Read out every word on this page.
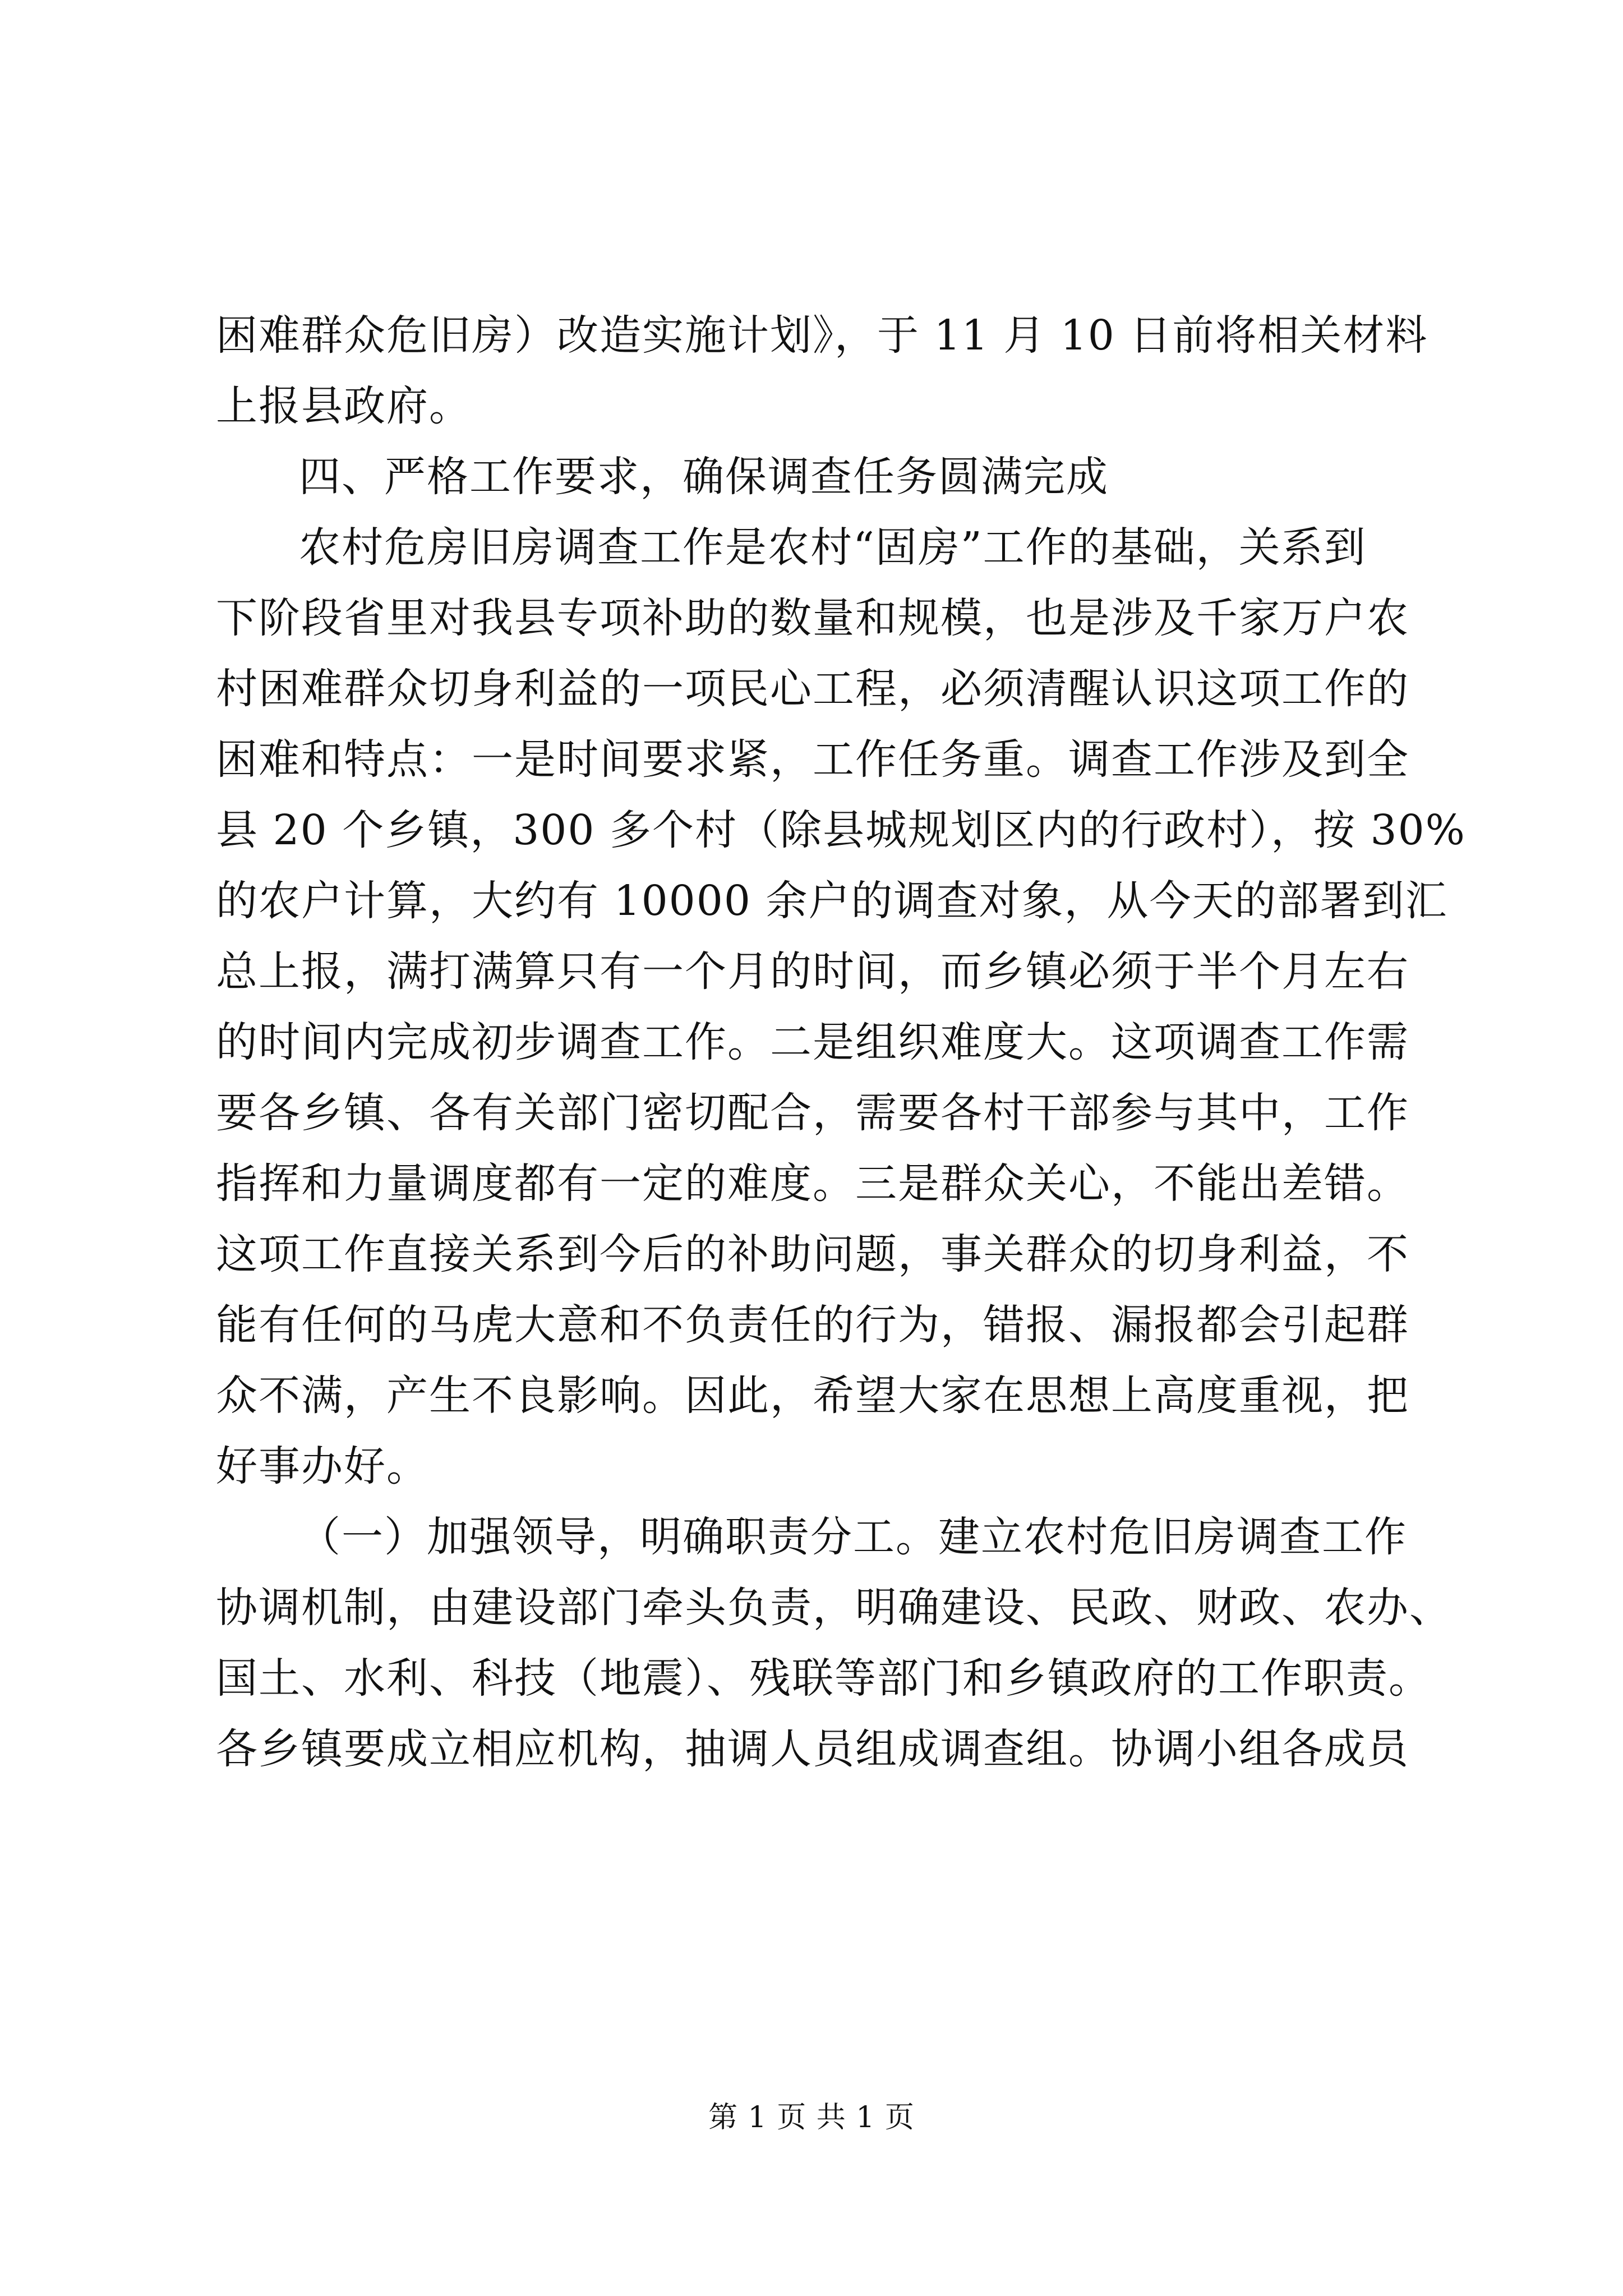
困难群众危旧房）改造实施计划》，于 11 月 10 日前将相关材料
上报县政府。
四、严格工作要求，确保调查任务圆满完成
农村危房旧房调查工作是农村“固房”工作的基础，关系到
下阶段省里对我县专项补助的数量和规模，也是涉及千家万户农
村困难群众切身利益的一项民心工程，必须清醒认识这项工作的
困难和特点：一是时间要求紧，工作任务重。调查工作涉及到全
县 20 个乡镇，300 多个村（除县城规划区内的行政村），按 30%
的农户计算，大约有 10000 余户的调查对象，从今天的部署到汇
总上报，满打满算只有一个月的时间，而乡镇必须于半个月左右
的时间内完成初步调查工作。二是组织难度大。这项调查工作需
要各乡镇、各有关部门密切配合，需要各村干部参与其中，工作
指挥和力量调度都有一定的难度。三是群众关心，不能出差错。
这项工作直接关系到今后的补助问题，事关群众的切身利益，不
能有任何的马虎大意和不负责任的行为，错报、漏报都会引起群
众不满，产生不良影响。因此，希望大家在思想上高度重视，把
好事办好。
（一）加强领导，明确职责分工。建立农村危旧房调查工作
协调机制，由建设部门牵头负责，明确建设、民政、财政、农办、
国土、水利、科技（地震）、残联等部门和乡镇政府的工作职责。
各乡镇要成立相应机构，抽调人员组成调查组。协调小组各成员
第 1 页 共 1 页
